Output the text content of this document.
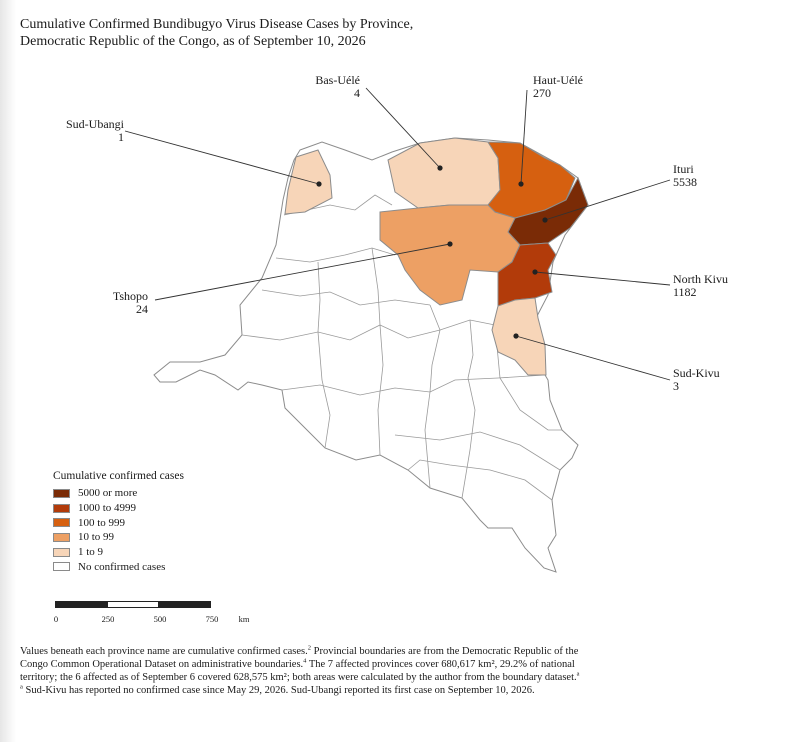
Cumulative Confirmed Bundibugyo Virus Disease Cases by Province,
Democratic Republic of the Congo, as of September 10, 2026
Bas-Uélé
4
Haut-Uélé
270
Sud-Ubangi
1
Ituri
5538
North Kivu
1182
Tshopo
24
Sud-Kivu
3

Cumulative confirmed cases

5000 or more
1000 to 4999
100 to 999
10 to 99
1 to 9
No confirmed cases
0	250	500	750 km

Values beneath each province name are cumulative confirmed cases.$^2$ Provincial boundaries are from the Democratic Republic of the Congo Common Operational Dataset on administrative boundaries.$^4$ The 7 affected provinces cover 680,617 km², 29.2% of national territory; the 6 affected as of September 6 covered 628,575 km²; both areas were calculated by the author from the boundary dataset.$^a$

$^a$ Sud-Kivu has reported no confirmed case since May 29, 2026. Sud-Ubangi reported its first case on September 10, 2026.
